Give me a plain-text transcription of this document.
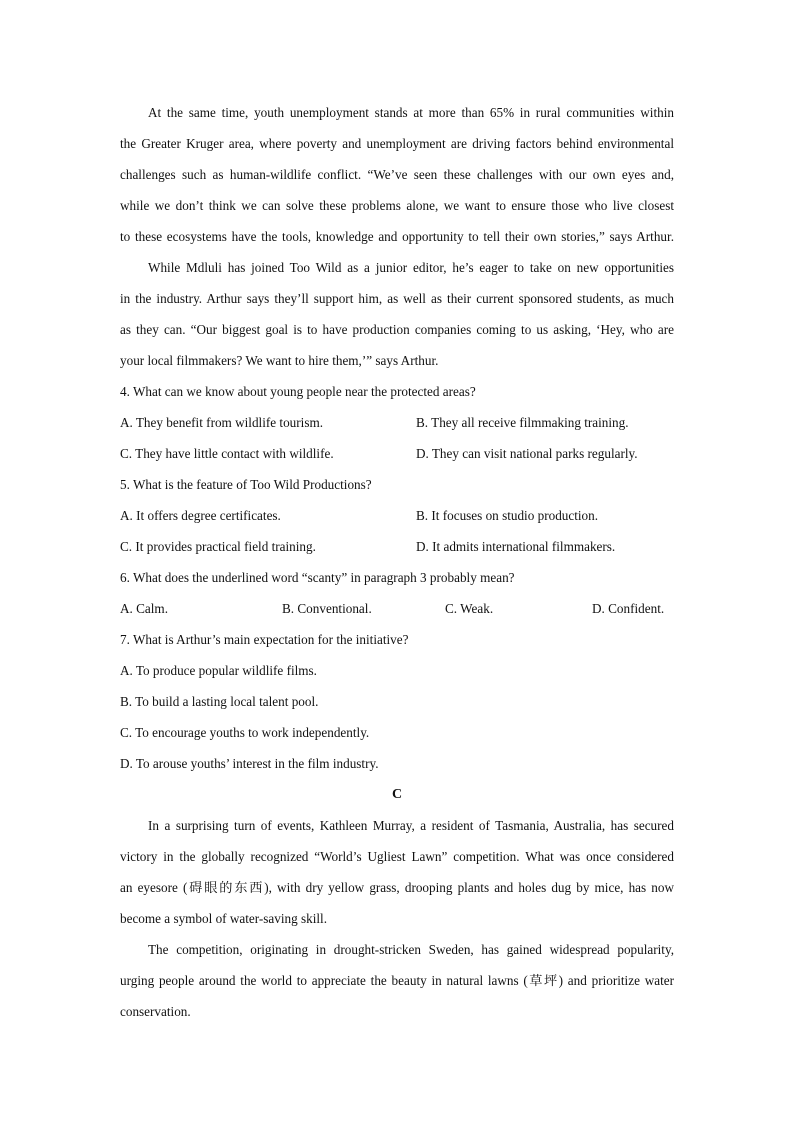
At the same time, youth unemployment stands at more than 65% in rural communities within
the Greater Kruger area, where poverty and unemployment are driving factors behind environmental
challenges such as human-wildlife conflict. “We’ve seen these challenges with our own eyes and,
while we don’t think we can solve these problems alone, we want to ensure those who live closest
to these ecosystems have the tools, knowledge and opportunity to tell their own stories,” says Arthur.
While Mdluli has joined Too Wild as a junior editor, he’s eager to take on new opportunities
in the industry. Arthur says they’ll support him, as well as their current sponsored students, as much
as they can. “Our biggest goal is to have production companies coming to us asking, ‘Hey, who are
your local filmmakers? We want to hire them,’” says Arthur.
4. What can we know about young people near the protected areas?
A. They benefit from wildlife tourism.	B. They all receive filmmaking training.
C. They have little contact with wildlife.	D. They can visit national parks regularly.
5. What is the feature of Too Wild Productions?
A. It offers degree certificates.	B. It focuses on studio production.
C. It provides practical field training.	D. It admits international filmmakers.
6. What does the underlined word “scanty” in paragraph 3 probably mean?
A. Calm.	B. Conventional.	C. Weak.	D. Confident.
7. What is Arthur’s main expectation for the initiative?
A. To produce popular wildlife films.
B. To build a lasting local talent pool.
C. To encourage youths to work independently.
D. To arouse youths’ interest in the film industry.
C
In a surprising turn of events, Kathleen Murray, a resident of Tasmania, Australia, has secured
victory in the globally recognized “World’s Ugliest Lawn” competition. What was once considered
an eyesore (碍眼的东西), with dry yellow grass, drooping plants and holes dug by mice, has now
become a symbol of water-saving skill.
The competition, originating in drought-stricken Sweden, has gained widespread popularity,
urging people around the world to appreciate the beauty in natural lawns (草坪) and prioritize water
conservation.
